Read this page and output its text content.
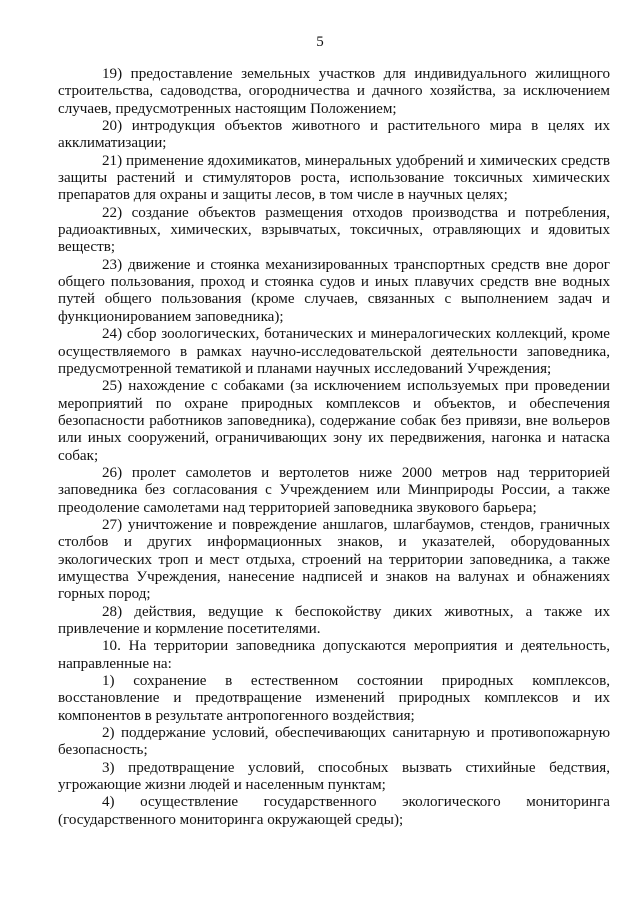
5

19) предоставление земельных участков для индивидуального жилищного строительства, садоводства, огородничества и дачного хозяйства, за исключением случаев, предусмотренных настоящим Положением;

20) интродукция объектов животного и растительного мира в целях их акклиматизации;

21) применение ядохимикатов, минеральных удобрений и химических средств защиты растений и стимуляторов роста, использование токсичных химических препаратов для охраны и защиты лесов, в том числе в научных целях;

22) создание объектов размещения отходов производства и потребления, радиоактивных, химических, взрывчатых, токсичных, отравляющих и ядовитых веществ;

23) движение и стоянка механизированных транспортных средств вне дорог общего пользования, проход и стоянка судов и иных плавучих средств вне водных путей общего пользования (кроме случаев, связанных с выполнением задач и функционированием заповедника);

24) сбор зоологических, ботанических и минералогических коллекций, кроме осуществляемого в рамках научно-исследовательской деятельности заповедника, предусмотренной тематикой и планами научных исследований Учреждения;

25) нахождение с собаками (за исключением используемых при проведении мероприятий по охране природных комплексов и объектов, и обеспечения безопасности работников заповедника), содержание собак без привязи, вне вольеров или иных сооружений, ограничивающих зону их передвижения, нагонка и натаска собак;

26) пролет самолетов и вертолетов ниже 2000 метров над территорией заповедника без согласования с Учреждением или Минприроды России, а также преодоление самолетами над территорией заповедника звукового барьера;

27) уничтожение и повреждение аншлагов, шлагбаумов, стендов, граничных столбов и других информационных знаков, и указателей, оборудованных экологических троп и мест отдыха, строений на территории заповедника, а также имущества Учреждения, нанесение надписей и знаков на валунах и обнажениях горных пород;

28) действия, ведущие к беспокойству диких животных, а также их привлечение и кормление посетителями.

10. На территории заповедника допускаются мероприятия и деятельность, направленные на:

1) сохранение в естественном состоянии природных комплексов, восстановление и предотвращение изменений природных комплексов и их компонентов в результате антропогенного воздействия;

2) поддержание условий, обеспечивающих санитарную и противопожарную безопасность;

3) предотвращение условий, способных вызвать стихийные бедствия, угрожающие жизни людей и населенным пунктам;

4) осуществление государственного экологического мониторинга (государственного мониторинга окружающей среды);
